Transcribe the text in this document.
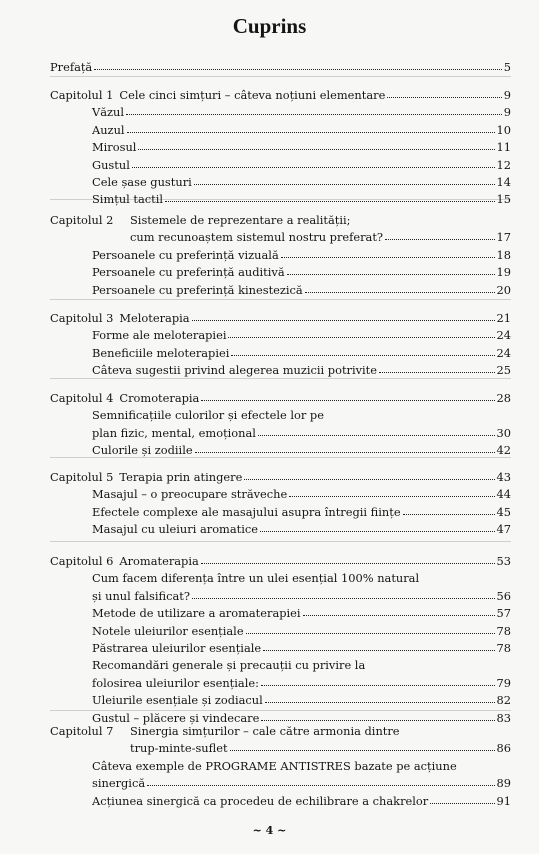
Cuprins
Prefață	5
Capitolul 1 Cele cinci simțuri – câteva noțiuni elementare	9
Văzul	9
Auzul	10
Mirosul	11
Gustul	12
Cele șase gusturi	14
Simțul tactil	15
Capitolul 2 Sistemele de reprezentare a realității;
cum recunoaștem sistemul nostru preferat?	17
Persoanele cu preferință vizuală	18
Persoanele cu preferință auditivă	19
Persoanele cu preferință kinestezică	20
Capitolul 3 Meloterapia	21
Forme ale meloterapiei	24
Beneficiile meloterapiei	24
Câteva sugestii privind alegerea muzicii potrivite	25
Capitolul 4 Cromoterapia	28
Semnificațiile culorilor și efectele lor pe
plan fizic, mental, emoțional	30
Culorile și zodiile	42
Capitolul 5 Terapia prin atingere	43
Masajul – o preocupare străveche	44
Efectele complexe ale masajului asupra întregii ființe	45
Masajul cu uleiuri aromatice	47
Capitolul 6 Aromaterapia	53
Cum facem diferența între un ulei esențial 100% natural
și unul falsificat?	56
Metode de utilizare a aromaterapiei	57
Notele uleiurilor esențiale	78
Păstrarea uleiurilor esențiale	78
Recomandări generale și precauții cu privire la
folosirea uleiurilor esențiale:	79
Uleiurile esențiale și zodiacul	82
Gustul – plăcere și vindecare	83
Capitolul 7 Sinergia simțurilor – cale către armonia dintre
trup-minte-suflet	86
Câteva exemple de PROGRAME ANTISTRES bazate pe acțiune
sinergică	89
Acțiunea sinergică ca procedeu de echilibrare a chakrelor	91
~ 4 ~
